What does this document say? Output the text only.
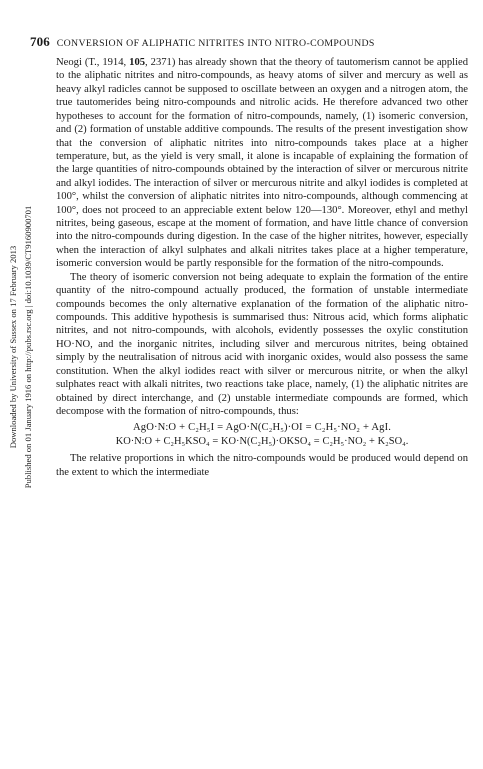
706 CONVERSION OF ALIPHATIC NITRITES INTO NITRO-COMPOUNDS
Downloaded by University of Sussex on 17 February 2013 Published on 01 January 1916 on http://pubs.rsc.org | doi:10.1039/CT9160900701

Neogi (T., 1914, 105, 2371) has already shown that the theory of tautomerism cannot be applied to the aliphatic nitrites and nitro-compounds, as heavy atoms of silver and mercury as well as heavy alkyl radicles cannot be supposed to oscillate between an oxygen and a nitrogen atom, the true tautomerides being nitro-compounds and nitrolic acids. He therefore advanced two other hypotheses to account for the formation of nitro-compounds, namely, (1) isomeric conversion, and (2) formation of unstable additive compounds. The results of the present investigation show that the conversion of aliphatic nitrites into nitro-compounds takes place at a higher temperature, but, as the yield is very small, it alone is incapable of explaining the formation of the large quantities of nitro-compounds obtained by the interaction of silver or mercurous nitrite and alkyl iodides. The interaction of silver or mercurous nitrite and alkyl iodides is completed at 100°, whilst the conversion of aliphatic nitrites into nitro-compounds, although commencing at 100°, does not proceed to an appreciable extent below 120—130°. Moreover, ethyl and methyl nitrites, being gaseous, escape at the moment of formation, and have little chance of conversion into the nitro-compounds during digestion. In the case of the higher nitrites, however, especially when the interaction of alkyl sulphates and alkali nitrites takes place at a higher temperature, isomeric conversion would be partly responsible for the formation of the nitro-compounds.

The theory of isomeric conversion not being adequate to explain the formation of the entire quantity of the nitro-compound actually produced, the formation of unstable intermediate compounds becomes the only alternative explanation of the formation of the aliphatic nitro-compounds. This additive hypothesis is summarised thus: Nitrous acid, which forms aliphatic nitrites, and not nitro-compounds, with alcohols, evidently possesses the oxylic constitution HO·NO, and the inorganic nitrites, including silver and mercurous nitrites, being obtained simply by the neutralisation of nitrous acid with inorganic oxides, would also possess the same constitution. When the alkyl iodides react with silver or mercurous nitrite, or when the alkyl sulphates react with alkali nitrites, two reactions take place, namely, (1) the aliphatic nitrites are obtained by direct interchange, and (2) unstable intermediate compounds are formed, which decompose with the formation of nitro-compounds, thus:

AgO·N:O + C₂H₅I = AgO·N(C₂H₅)·OI = C₂H₅·NO₂ + AgI.
KO·N:O + C₂H₅KSO₄ = KO·N(C₂H₅)·OKSO₄ = C₂H₅·NO₂ + K₂SO₄.

The relative proportions in which the nitro-compounds would be produced would depend on the extent to which the intermediate
